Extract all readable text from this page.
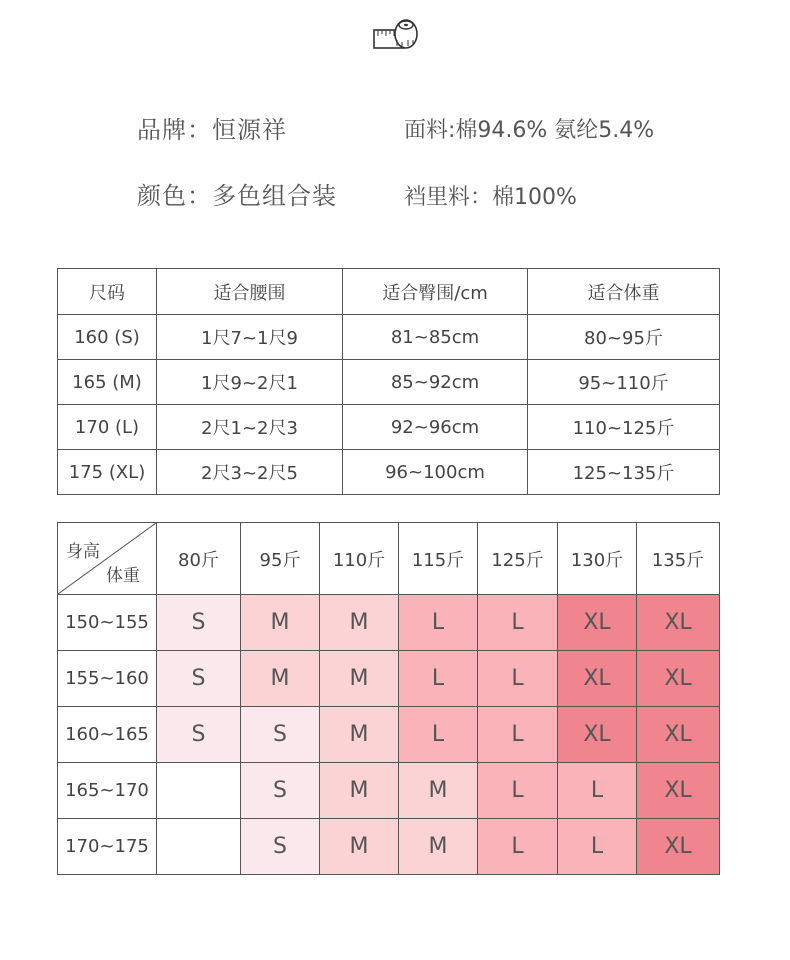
品牌：恒源祥	面料:棉94.6% 氨纶5.4%
颜色：多色组合装	裆里料：棉100%
尺码	适合腰围	适合臀围/cm	适合体重
160 (S)	1尺7~1尺9	81~85cm	80~95斤
165 (M)	1尺9~2尺1	85~92cm	95~110斤
170 (L)	2尺1~2尺3	92~96cm	110~125斤
175 (XL)	2尺3~2尺5	96~100cm	125~135斤
身高
体重	80斤	95斤	110斤	115斤	125斤	130斤	135斤
150~155	S	M	M	L	L	XL	XL
155~160	S	M	M	L	L	XL	XL
160~165	S	S	M	L	L	XL	XL
165~170		S	M	M	L	L	XL
170~175		S	M	M	L	L	XL
